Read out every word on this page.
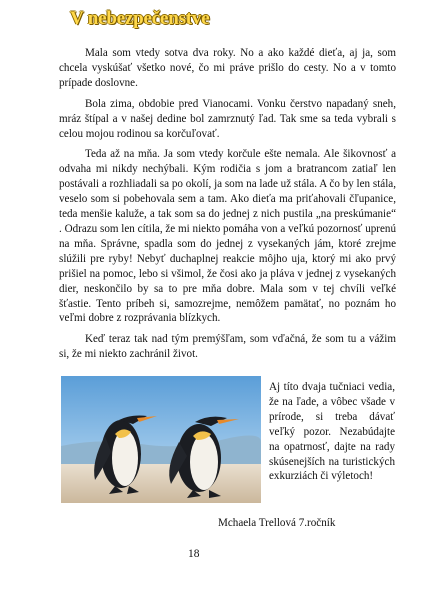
V nebezpečenstve

Mala som vtedy sotva dva roky. No a ako každé dieťa, aj ja, som chcela vyskúšať všetko nové, čo mi práve prišlo do cesty. No a v tomto prípade doslovne.

Bola zima, obdobie pred Vianocami. Vonku čerstvo napadaný sneh, mráz štípal a v našej dedine bol zamrznutý ľad. Tak sme sa teda vybrali s celou mojou rodinou sa korčuľovať.

Teda až na mňa. Ja som vtedy korčule ešte nemala. Ale šikovnosť a odvaha mi nikdy nechýbali. Kým rodičia s jom a bratrancom zatiaľ len postávali a rozhliadali sa po okolí, ja som na lade už stála. A čo by len stála, veselo som si pobehovala sem a tam. Ako dieťa ma priťahovali čľupanice, teda menšie kaluže, a tak som sa do jednej z nich pustila „na preskúmanie“ . Odrazu som len cítila, že mi niekto pomáha von a veľkú pozornosť uprenú na mňa. Správne, spadla som do jednej z vysekaných jám, ktoré zrejme slúžili pre ryby! Nebyť duchaplnej reakcie môjho uja, ktorý mi ako prvý prišiel na pomoc, lebo si všimol, že čosi ako ja pláva v jednej z vysekaných dier, neskončilo by sa to pre mňa dobre. Mala som v tej chvíli veľké šťastie. Tento príbeh si, samozrejme, nemôžem pamätať, no poznám ho veľmi dobre z rozprávania blízkych.

Keď teraz tak nad tým premýšľam, som vďačná, že som tu a vážim si, že mi niekto zachránil život.

Aj títo dvaja tučniaci vedia, že na ľade, a vôbec všade v prírode, si treba dávať veľký pozor. Nezabúdajte na opatrnosť, dajte na rady skúsenejších na turistických exkurziách či výletoch!
Mchaela Trellová 7.ročník
18
